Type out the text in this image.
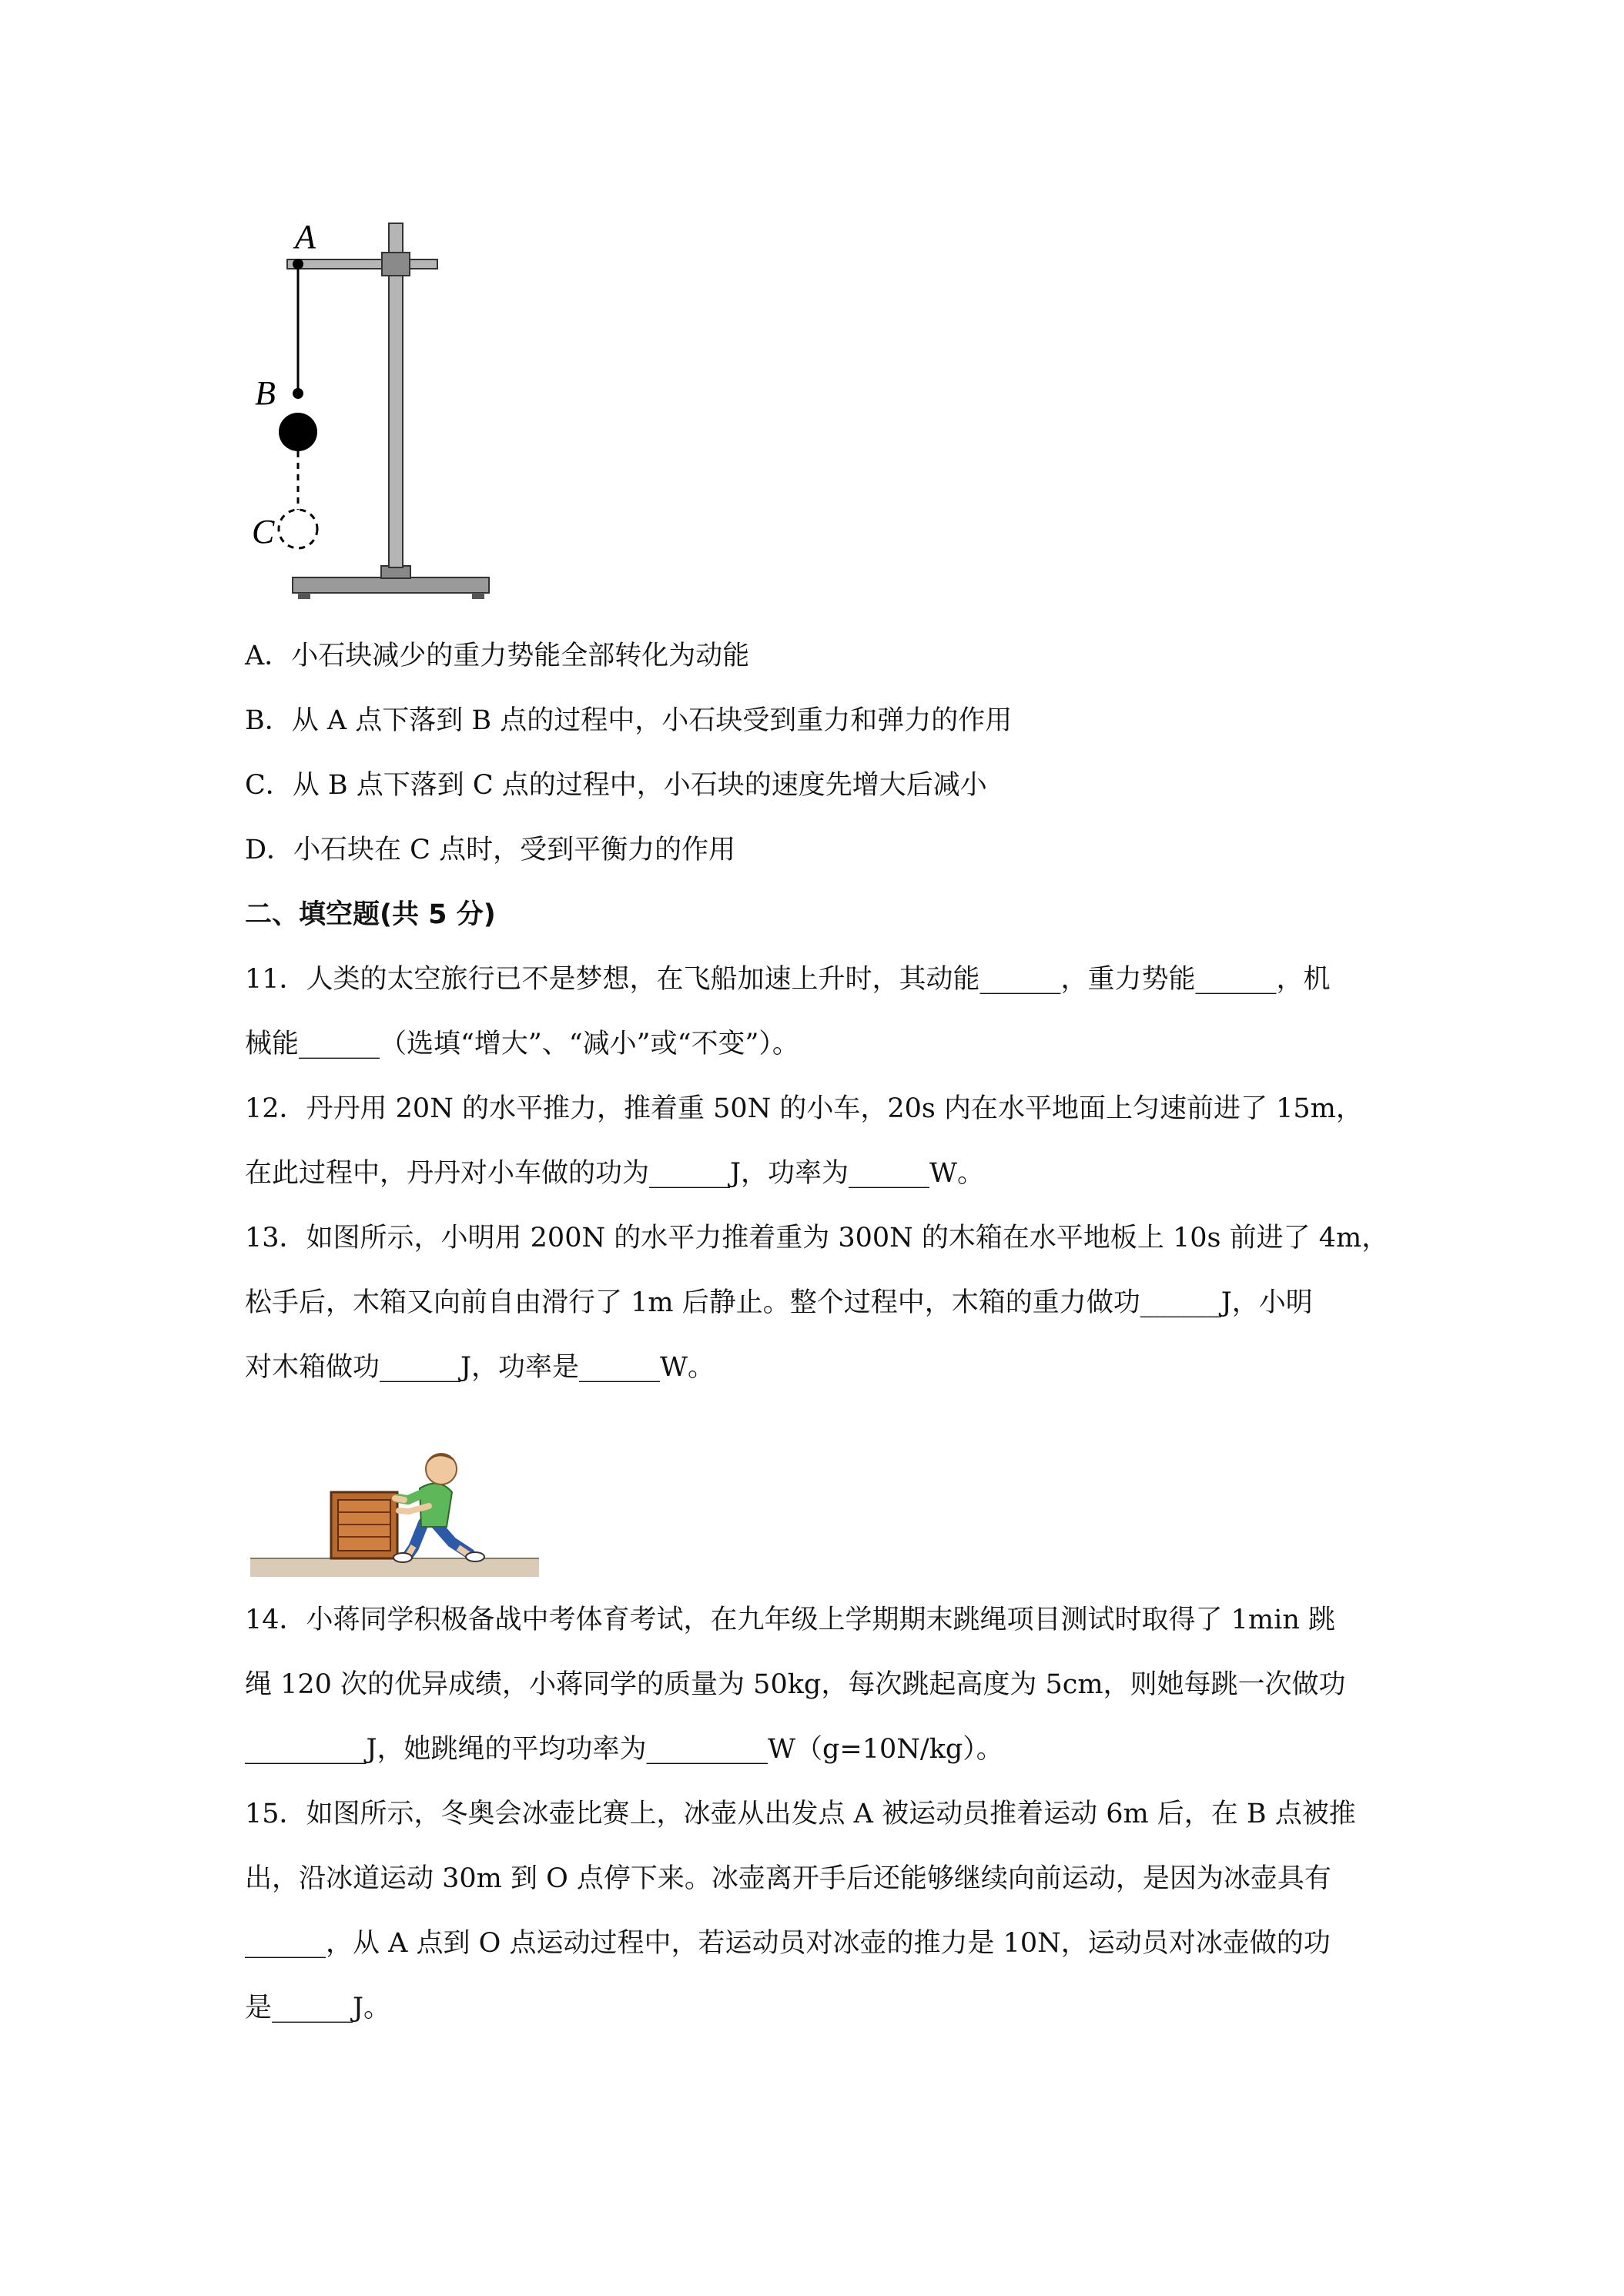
A
B
C
A．小石块减少的重力势能全部转化为动能
B．从 A 点下落到 B 点的过程中，小石块受到重力和弹力的作用
C．从 B 点下落到 C 点的过程中，小石块的速度先增大后减小
D．小石块在 C 点时，受到平衡力的作用
二、填空题(共 5 分)
11．人类的太空旅行已不是梦想，在飞船加速上升时，其动能______，重力势能______，机
械能______（选填“增大”、“减小”或“不变”）。
12．丹丹用 20N 的水平推力，推着重 50N 的小车，20s 内在水平地面上匀速前进了 15m，
在此过程中，丹丹对小车做的功为______J，功率为______W。
13．如图所示，小明用 200N 的水平力推着重为 300N 的木箱在水平地板上 10s 前进了 4m，
松手后，木箱又向前自由滑行了 1m 后静止。整个过程中，木箱的重力做功______J，小明
对木箱做功______J，功率是______W。
14．小蒋同学积极备战中考体育考试，在九年级上学期期末跳绳项目测试时取得了 1min 跳
绳 120 次的优异成绩，小蒋同学的质量为 50kg，每次跳起高度为 5cm，则她每跳一次做功
_________J，她跳绳的平均功率为_________W（g=10N/kg）。
15．如图所示，冬奥会冰壶比赛上，冰壶从出发点 A 被运动员推着运动 6m 后，在 B 点被推
出，沿冰道运动 30m 到 O 点停下来。冰壶离开手后还能够继续向前运动，是因为冰壶具有
______，从 A 点到 O 点运动过程中，若运动员对冰壶的推力是 10N，运动员对冰壶做的功
是______J。
